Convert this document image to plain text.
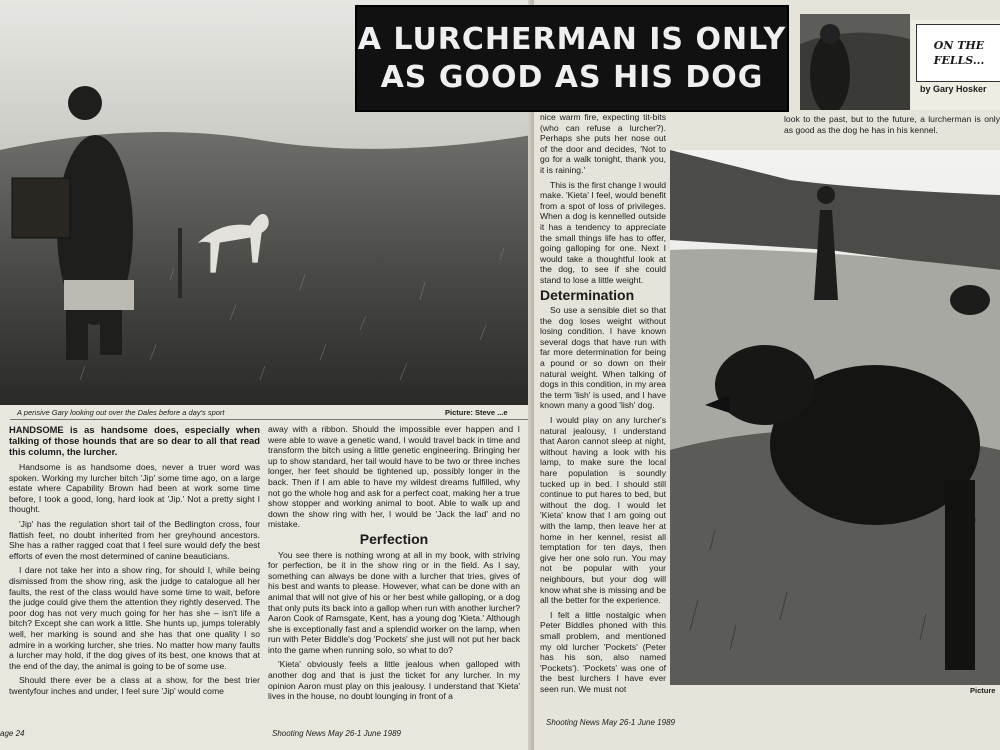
A pensive Gary looking out over the Dales before a day's sport	Picture: Steve ...e

HANDSOME is as handsome does, especially when talking of those hounds that are so dear to all that read this column, the lurcher.

Handsome is as handsome does, never a truer word was spoken. Working my lurcher bitch 'Jip' some time ago, on a large estate where Capability Brown had been at work some time before, I took a good, long, hard look at 'Jip.' Not a pretty sight I thought.

'Jip' has the regulation short tail of the Bedlington cross, four flattish feet, no doubt inherited from her greyhound ancestors. She has a rather ragged coat that I feel sure would defy the best efforts of even the most determined of canine beauticians.

I dare not take her into a show ring, for should I, while being dismissed from the show ring, ask the judge to catalogue all her faults, the rest of the class would have some time to wait, before the judge could give them the attention they rightly deserved. The poor dog has not very much going for her has she – isn't life a bitch? Except she can work a little. She hunts up, jumps tolerably well, her marking is sound and she has that one quality I so admire in a working lurcher, she tries. No matter how many faults a lurcher may hold, if the dog gives of its best, one knows that at the end of the day, the animal is going to be of some use.

Should there ever be a class at a show, for the best trier twentyfour inches and under, I feel sure 'Jip' would come

away with a ribbon. Should the impossible ever happen and I were able to wave a genetic wand, I would travel back in time and transform the bitch using a little genetic engineering. Bringing her up to show standard, her tail would have to be two or three inches longer, her feet should be tightened up, possibly longer in the back. Then if I am able to have my wildest dreams fulfilled, why not go the whole hog and ask for a perfect coat, making her a true show stopper and working animal to boot. Able to walk up and down the show ring with her, I would be 'Jack the lad' and no mistake.

Perfection

You see there is nothing wrong at all in my book, with striving for perfection, be it in the show ring or in the field. As I say, something can always be done with a lurcher that tries, gives of his best and wants to please. However, what can be done with an animal that will not give of his or her best while galloping, or a dog that only puts its back into a gallop when run with another lurcher? Aaron Cook of Ramsgate, Kent, has a young dog 'Kieta.' Although she is exceptionally fast and a splendid worker on the lamp, when run with Peter Biddle's dog 'Pockets' she just will not put her back into the game when running solo, so what to do?

'Kieta' obviously feels a little jealous when galloped with another dog and that is just the ticket for any lurcher. In my opinion Aaron must play on this jealousy. I understand that 'Kieta' lives in the house, no doubt lounging in front of a

age 24	Shooting News May 26-1 June 1989

nice warm fire, expecting tit-bits (who can refuse a lurcher?). Perhaps she puts her nose out of the door and decides, 'Not to go for a walk tonight, thank you, it is raining.'

This is the first change I would make. 'Kieta' I feel, would benefit from a spot of loss of privileges. When a dog is kennelled outside it has a tendency to appreciate the small things life has to offer, going galloping for one. Next I would take a thoughtful look at the dog, to see if she could stand to lose a little weight.

Determination

So use a sensible diet so that the dog loses weight without losing condition. I have known several dogs that have run with far more determination for being a pound or so down on their natural weight. When talking of dogs in this condition, in my area the term 'lish' is used, and I have known many a good 'lish' dog.

I would play on any lurcher's natural jealousy, I understand that Aaron cannot sleep at night, without having a look with his lamp, to make sure the local hare population is soundly tucked up in bed. I should still continue to put hares to bed, but without the dog. I would let 'Kieta' know that I am going out with the lamp, then leave her at home in her kennel, resist all temptation for ten days, then give her one solo run. You may not be popular with your neighbours, but your dog will know what she is missing and be all the better for the experience.

I felt a little nostalgic when Peter Biddles phoned with this small problem, and mentioned my old lurcher 'Pockets' (Peter has his son, also named 'Pockets'). 'Pockets' was one of the best lurchers I have ever seen run. We must not

look to the past, but to the future, a lurcherman is only as good as the dog he has in his kennel.

Picture
Shooting News May 26-1 June 1989
A LURCHERMAN IS ONLY
AS GOOD AS HIS DOG
ON THE
FELLS...
by Gary Hosker
